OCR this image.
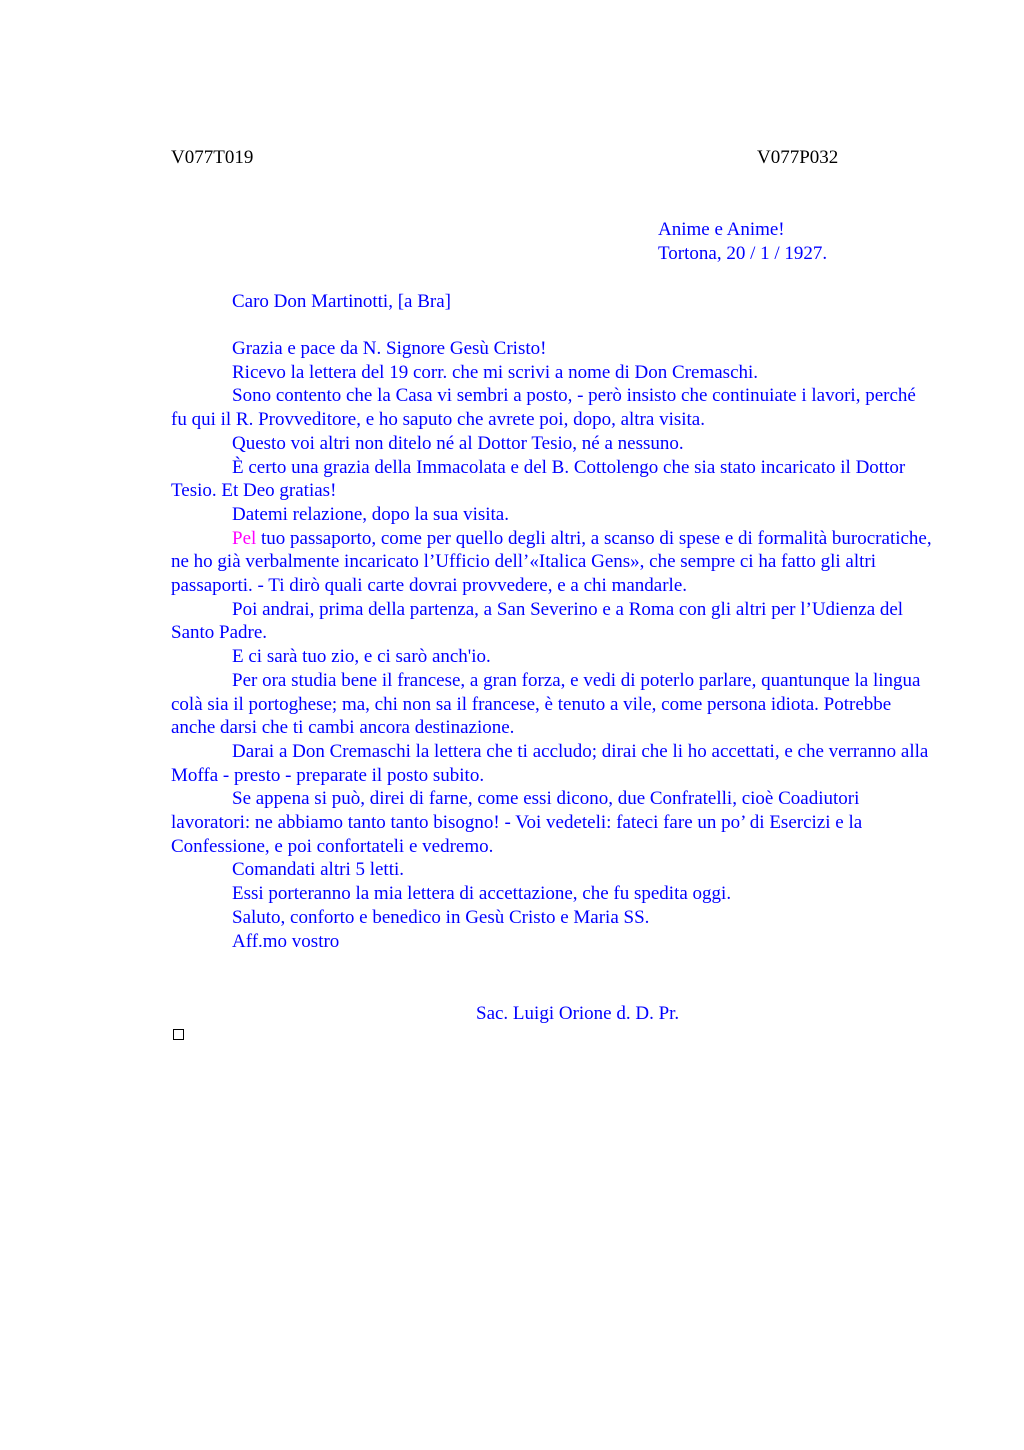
V077T019	V077P032
Anime e Anime!
Tortona, 20 / 1 / 1927.
Caro Don Martinotti, [a Bra]

Grazia e pace da N. Signore Gesù Cristo!

Ricevo la lettera del 19 corr. che mi scrivi a nome di Don Cremaschi.

Sono contento che la Casa vi sembri a posto, - però insisto che continuiate i lavori, perché fu qui il R. Provveditore, e ho saputo che avrete poi, dopo, altra visita.

Questo voi altri non ditelo né al Dottor Tesio, né a nessuno.

È certo una grazia della Immacolata e del B. Cottolengo che sia stato incaricato il Dottor Tesio. Et Deo gratias!

Datemi relazione, dopo la sua visita.

Pel tuo passaporto, come per quello degli altri, a scanso di spese e di formalità burocratiche, ne ho già verbalmente incaricato l’Ufficio dell’«Italica Gens», che sempre ci ha fatto gli altri passaporti. - Ti dirò quali carte dovrai provvedere, e a chi mandarle.

Poi andrai, prima della partenza, a San Severino e a Roma con gli altri per l’Udienza del Santo Padre.

E ci sarà tuo zio, e ci sarò anch'io.

Per ora studia bene il francese, a gran forza, e vedi di poterlo parlare, quantunque la lingua colà sia il portoghese; ma, chi non sa il francese, è tenuto a vile, come persona idiota. Potrebbe anche darsi che ti cambi ancora destinazione.

Darai a Don Cremaschi la lettera che ti accludo; dirai che li ho accettati, e che verranno alla Moffa - presto - preparate il posto subito.

Se appena si può, direi di farne, come essi dicono, due Confratelli, cioè Coadiutori lavoratori: ne abbiamo tanto tanto bisogno! - Voi vedeteli: fateci fare un po’ di Esercizi e la Confessione, e poi confortateli e vedremo.

Comandati altri 5 letti.

Essi porteranno la mia lettera di accettazione, che fu spedita oggi.

Saluto, conforto e benedico in Gesù Cristo e Maria SS.

Aff.mo vostro

Sac. Luigi Orione d. D. Pr.
